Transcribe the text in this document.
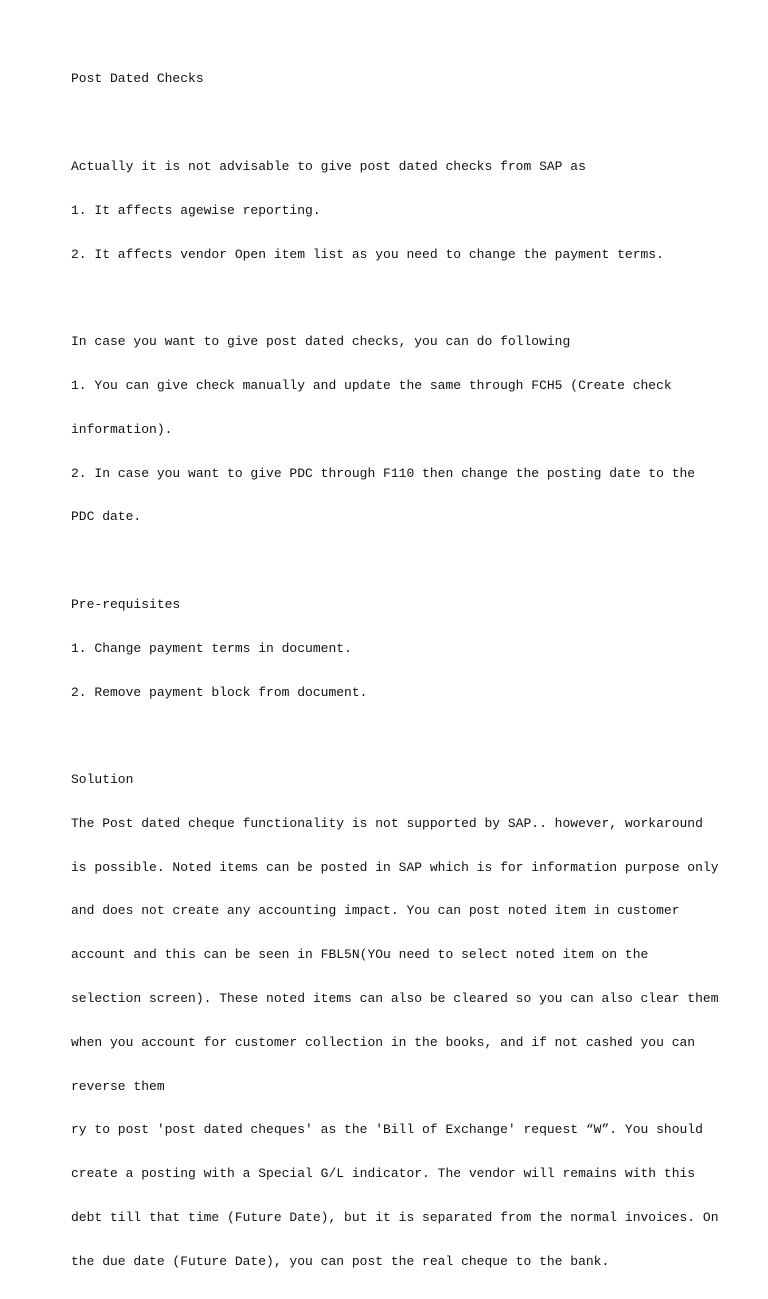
Post Dated Checks

Actually it is not advisable to give post dated checks from SAP as

1. It affects agewise reporting.

2. It affects vendor Open item list as you need to change the payment terms.

In case you want to give post dated checks, you can do following

1. You can give check manually and update the same through FCH5 (Create check

information).

2. In case you want to give PDC through F110 then change the posting date to the

PDC date.

Pre-requisites

1. Change payment terms in document.

2. Remove payment block from document.

Solution

The Post dated cheque functionality is not supported by SAP.. however, workaround

is possible. Noted items can be posted in SAP which is for information purpose only

and does not create any accounting impact. You can post noted item in customer

account and this can be seen in FBL5N(YOu need to select noted item on the

selection screen). These noted items can also be cleared so you can also clear them

when you account for customer collection in the books, and if not cashed you can

reverse them

ry to post 'post dated cheques' as the 'Bill of Exchange' request “W”. You should

create a posting with a Special G/L indicator. The vendor will remains with this

debt till that time (Future Date), but it is separated from the normal invoices. On

the due date (Future Date), you can post the real cheque to the bank.
